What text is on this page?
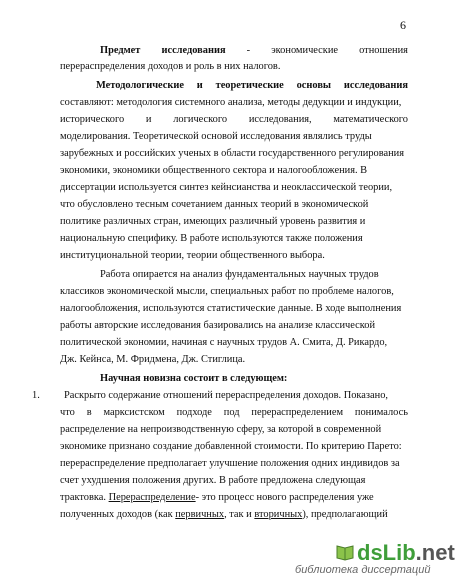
6
Предмет исследования - экономические отношения
перераспределения доходов и роль в них налогов.
Методологические и теоретические основы исследования
составляют: методология системного анализа, методы дедукции и индукции,
исторического и логического исследования, математического
моделирования. Теоретической основой исследования являлись труды
зарубежных и российских ученых в области государственного регулирования
экономики, экономики общественного сектора и налогообложения. В
диссертации используется синтез кейнсианства и неоклассической теории,
что обусловлено тесным сочетанием данных теорий в экономической
политике различных стран, имеющих различный уровень развития и
национальную специфику. В работе используются также положения
институциональной теории, теории общественного выбора.
Работа опирается на анализ фундаментальных научных трудов
классиков экономической мысли, специальных работ по проблеме налогов,
налогообложения, используются статистические данные. В ходе выполнения
работы авторские исследования базировались на анализе классической
политической экономии, начиная с научных трудов А. Смита, Д. Рикардо,
Дж. Кейнса, М. Фридмена, Дж. Стиглица.
Научная новизна состоит в следующем:
1. Раскрыто содержание отношений перераспределения доходов. Показано,
что в марксистском подходе под перераспределением понималось
распределение на непроизводственную сферу, за которой в современной
экономике признано создание добавленной стоимости. По критерию Парето:
перераспределение предполагает улучшение положения одних индивидов за
счет ухудшения положения других. В работе предложена следующая
трактовка. Перераспределение- это процесс нового распределения уже
полученных доходов (как первичных, так и вторичных), предполагающий
dsLib.net
библиотека диссертаций
